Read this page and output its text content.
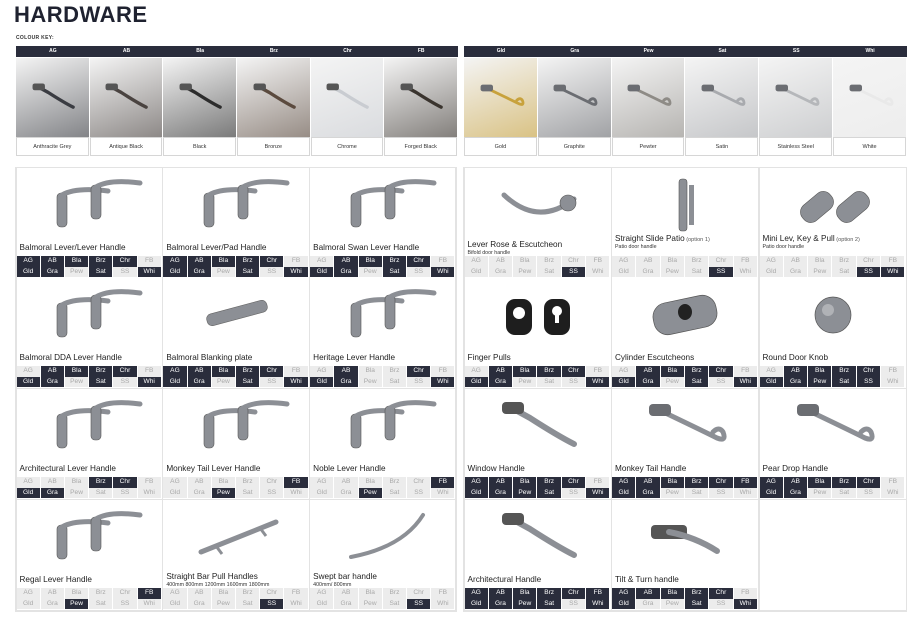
HARDWARE
COLOUR KEY:
AG	AB	Bla	Brz	Chr	FB
Anthracite Grey	Antique Black	Black	Bronze	Chrome	Forged Black
Gld	Gra	Pew	Sat	SS	Whi
Gold	Graphite	Pewter	Satin	Stainless Steel	White
Balmoral Lever/Lever Handle
AG	AB	Bla	Brz	Chr	FB
Gld	Gra	Pew	Sat	SS	Whi
Balmoral Lever/Pad Handle
AG	AB	Bla	Brz	Chr	FB
Gld	Gra	Pew	Sat	SS	Whi
Balmoral Swan Lever Handle
AG	AB	Bla	Brz	Chr	FB
Gld	Gra	Pew	Sat	SS	Whi
Balmoral DDA Lever Handle
AG	AB	Bla	Brz	Chr	FB
Gld	Gra	Pew	Sat	SS	Whi
Balmoral Blanking plate
AG	AB	Bla	Brz	Chr	FB
Gld	Gra	Pew	Sat	SS	Whi
Heritage Lever Handle
AG	AB	Bla	Brz	Chr	FB
Gld	Gra	Pew	Sat	SS	Whi
Architectural Lever Handle
AG	AB	Bla	Brz	Chr	FB
Gld	Gra	Pew	Sat	SS	Whi
Monkey Tail Lever Handle
AG	AB	Bla	Brz	Chr	FB
Gld	Gra	Pew	Sat	SS	Whi
Noble Lever Handle
AG	AB	Bla	Brz	Chr	FB
Gld	Gra	Pew	Sat	SS	Whi
Regal Lever Handle
AG	AB	Bla	Brz	Chr	FB
Gld	Gra	Pew	Sat	SS	Whi
Straight Bar Pull Handles
400mm 800mm 1200mm 1600mm 1800mm
AG	AB	Bla	Brz	Chr	FB
Gld	Gra	Pew	Sat	SS	Whi
Swept bar handle
400mm/ 800mm
AG	AB	Bla	Brz	Chr	FB
Gld	Gra	Pew	Sat	SS	Whi
Lever Rose & Escutcheon
Bifold door handle
AG	AB	Bla	Brz	Chr	FB
Gld	Gra	Pew	Sat	SS	Whi
Straight Slide Patio (option 1)
Patio door handle
AG	AB	Bla	Brz	Chr	FB
Gld	Gra	Pew	Sat	SS	Whi
Mini Lev, Key & Pull (option 2)
Patio door handle
AG	AB	Bla	Brz	Chr	FB
Gld	Gra	Pew	Sat	SS	Whi
Finger Pulls
AG	AB	Bla	Brz	Chr	FB
Gld	Gra	Pew	Sat	SS	Whi
Cylinder Escutcheons
AG	AB	Bla	Brz	Chr	FB
Gld	Gra	Pew	Sat	SS	Whi
Round Door Knob
AG	AB	Bla	Brz	Chr	FB
Gld	Gra	Pew	Sat	SS	Whi
Window Handle
AG	AB	Bla	Brz	Chr	FB
Gld	Gra	Pew	Sat	SS	Whi
Monkey Tail Handle
AG	AB	Bla	Brz	Chr	FB
Gld	Gra	Pew	Sat	SS	Whi
Pear Drop Handle
AG	AB	Bla	Brz	Chr	FB
Gld	Gra	Pew	Sat	SS	Whi
Architectural Handle
AG	AB	Bla	Brz	Chr	FB
Gld	Gra	Pew	Sat	SS	Whi
Tilt & Turn handle
AG	AB	Bla	Brz	Chr	FB
Gld	Gra	Pew	Sat	SS	Whi
